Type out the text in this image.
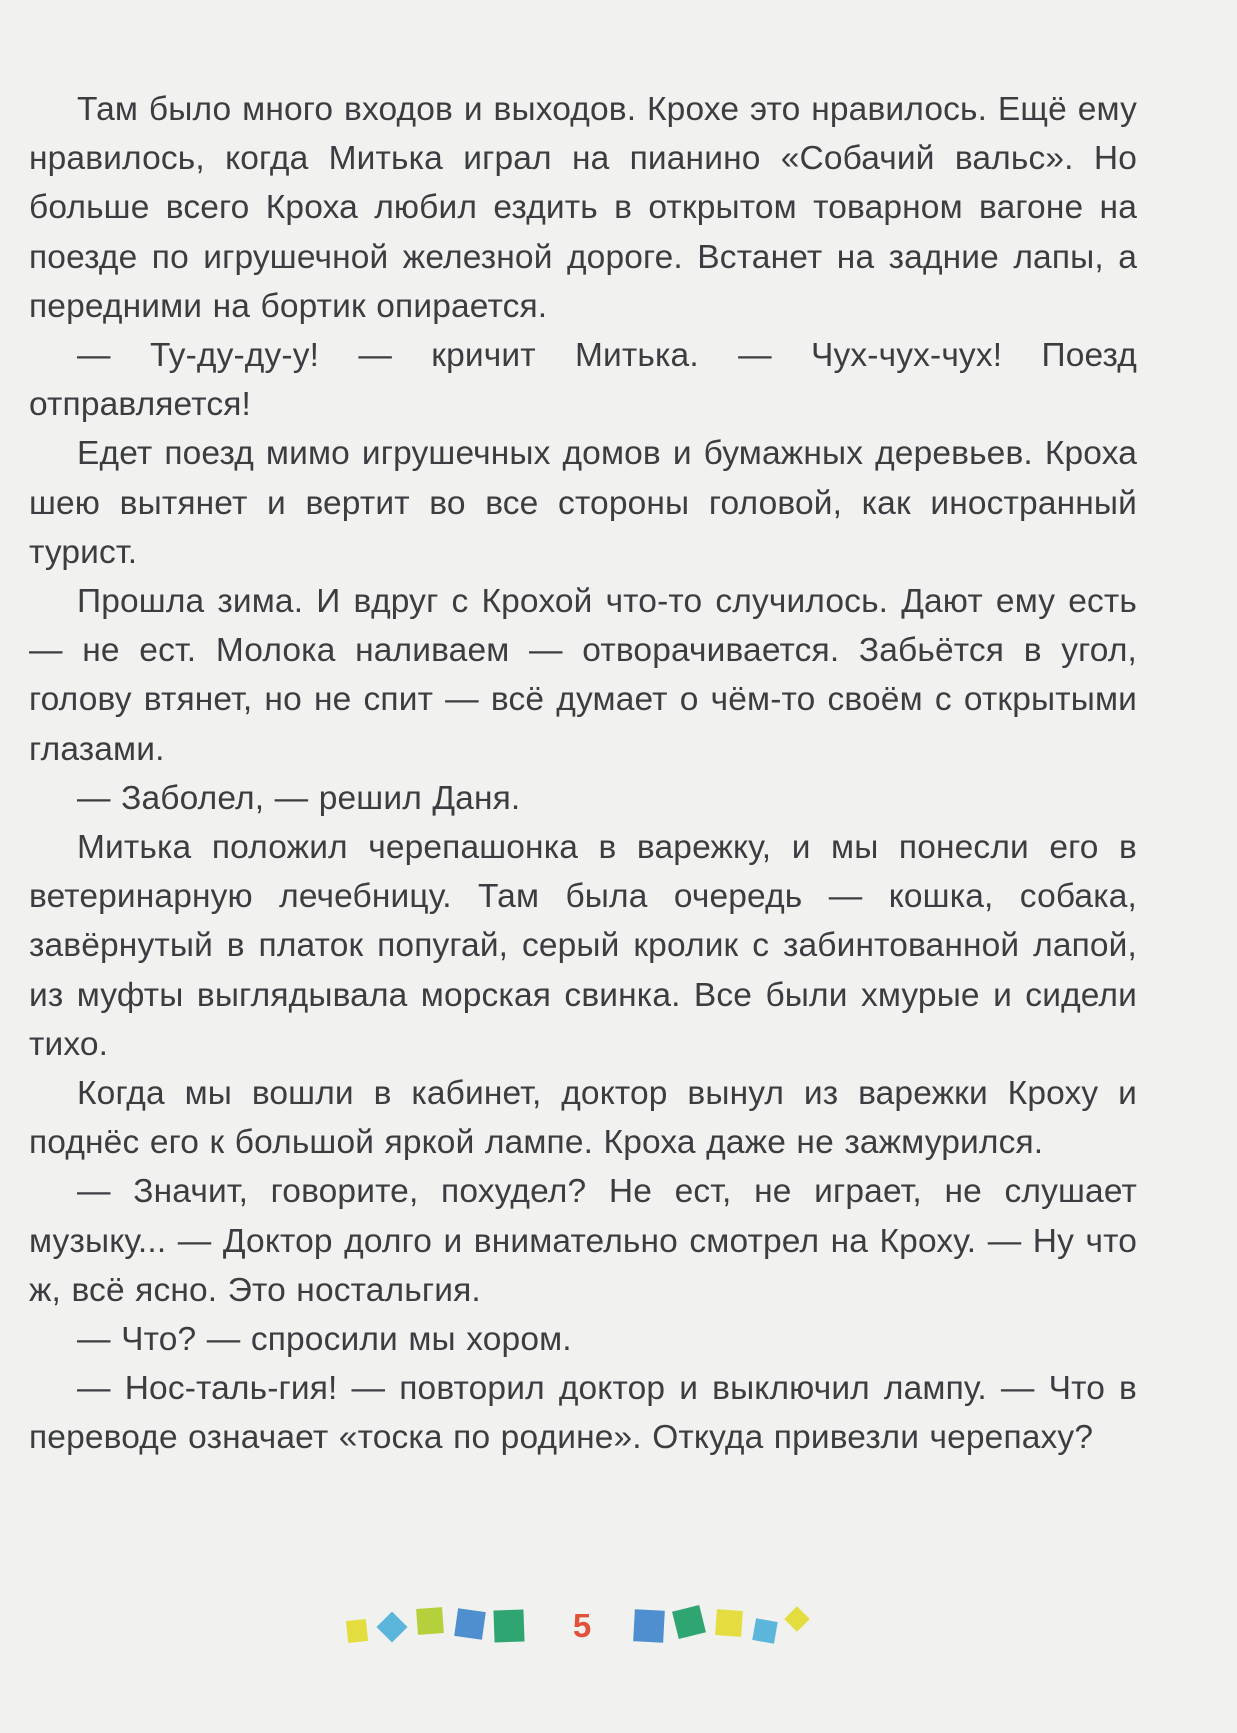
Там было много входов и выходов. Крохе это нравилось. Ещё ему нравилось, когда Митька играл на пианино «Собачий вальс». Но больше всего Кроха любил ездить в открытом товарном вагоне на поезде по игрушечной железной дороге. Встанет на задние лапы, а передними на бортик опирается.

— Ту-ду-ду-у! — кричит Митька. — Чух-чух-чух! Поезд отправляется!

Едет поезд мимо игрушечных домов и бумажных деревьев. Кроха шею вытянет и вертит во все стороны головой, как иностранный турист.

Прошла зима. И вдруг с Крохой что-то случилось. Дают ему есть — не ест. Молока наливаем — отворачивается. Забьётся в угол, голову втянет, но не спит — всё думает о чём-то своём с открытыми глазами.

— Заболел, — решил Даня.

Митька положил черепашонка в варежку, и мы понесли его в ветеринарную лечебницу. Там была очередь — кошка, собака, завёрнутый в платок попугай, серый кролик с забинтованной лапой, из муфты выглядывала морская свинка. Все были хмурые и сидели тихо.

Когда мы вошли в кабинет, доктор вынул из варежки Кроху и поднёс его к большой яркой лампе. Кроха даже не зажмурился.

— Значит, говорите, похудел? Не ест, не играет, не слушает музыку... — Доктор долго и внимательно смотрел на Кроху. — Ну что ж, всё ясно. Это ностальгия.

— Что? — спросили мы хором.

— Нос-таль-гия! — повторил доктор и выключил лампу. — Что в переводе означает «тоска по родине». Откуда привезли черепаху?

5
